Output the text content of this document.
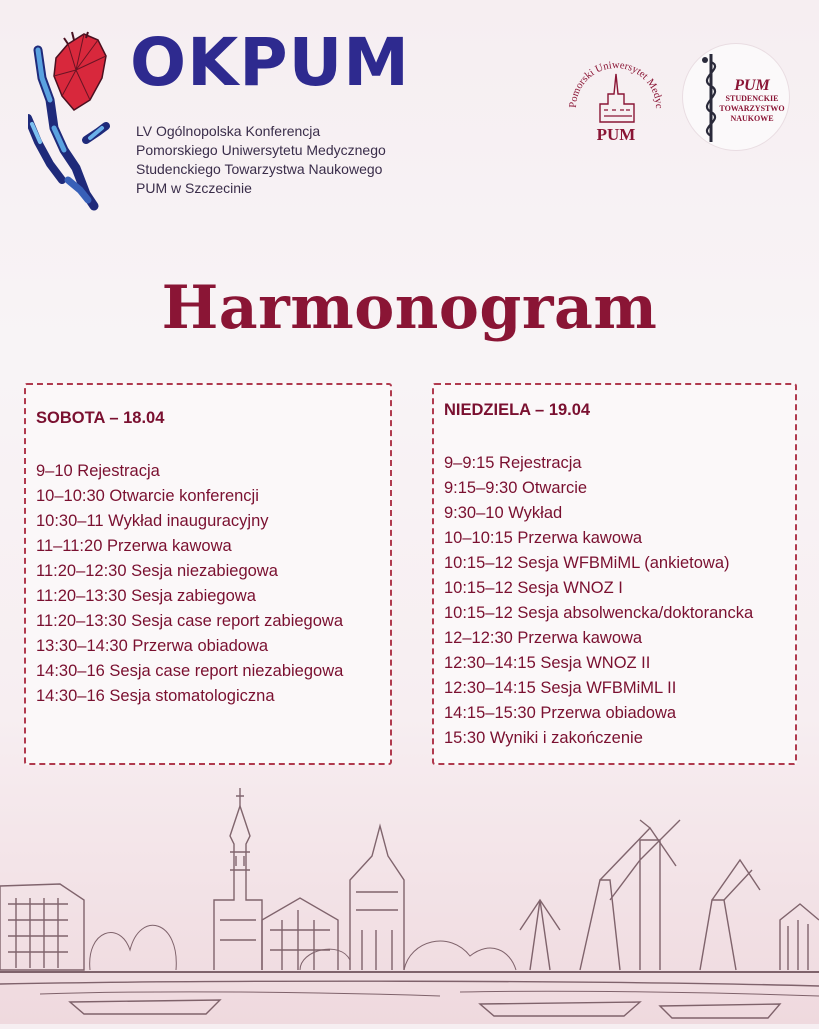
OKPUM
LV Ogólnopolska Konferencja
Pomorskiego Uniwersytetu Medycznego
Studenckiego Towarzystwa Naukowego
PUM w Szczecinie
Pomorski Uniwersytet Medyc
PUM
PUM
STUDENCKIE
TOWARZYSTWO
NAUKOWE
Harmonogram
SOBOTA – 18.04
9–10 Rejestracja
10–10:30 Otwarcie konferencji
10:30–11 Wykład inauguracyjny
11–11:20 Przerwa kawowa
11:20–12:30 Sesja niezabiegowa
11:20–13:30 Sesja zabiegowa
11:20–13:30 Sesja case report zabiegowa
13:30–14:30 Przerwa obiadowa
14:30–16 Sesja case report niezabiegowa
14:30–16 Sesja stomatologiczna
NIEDZIELA – 19.04
9–9:15 Rejestracja
9:15–9:30 Otwarcie
9:30–10 Wykład
10–10:15 Przerwa kawowa
10:15–12 Sesja WFBMiML (ankietowa)
10:15–12 Sesja WNOZ I
10:15–12 Sesja absolwencka/doktorancka
12–12:30 Przerwa kawowa
12:30–14:15 Sesja WNOZ II
12:30–14:15 Sesja WFBMiML II
14:15–15:30 Przerwa obiadowa
15:30 Wyniki i zakończenie
